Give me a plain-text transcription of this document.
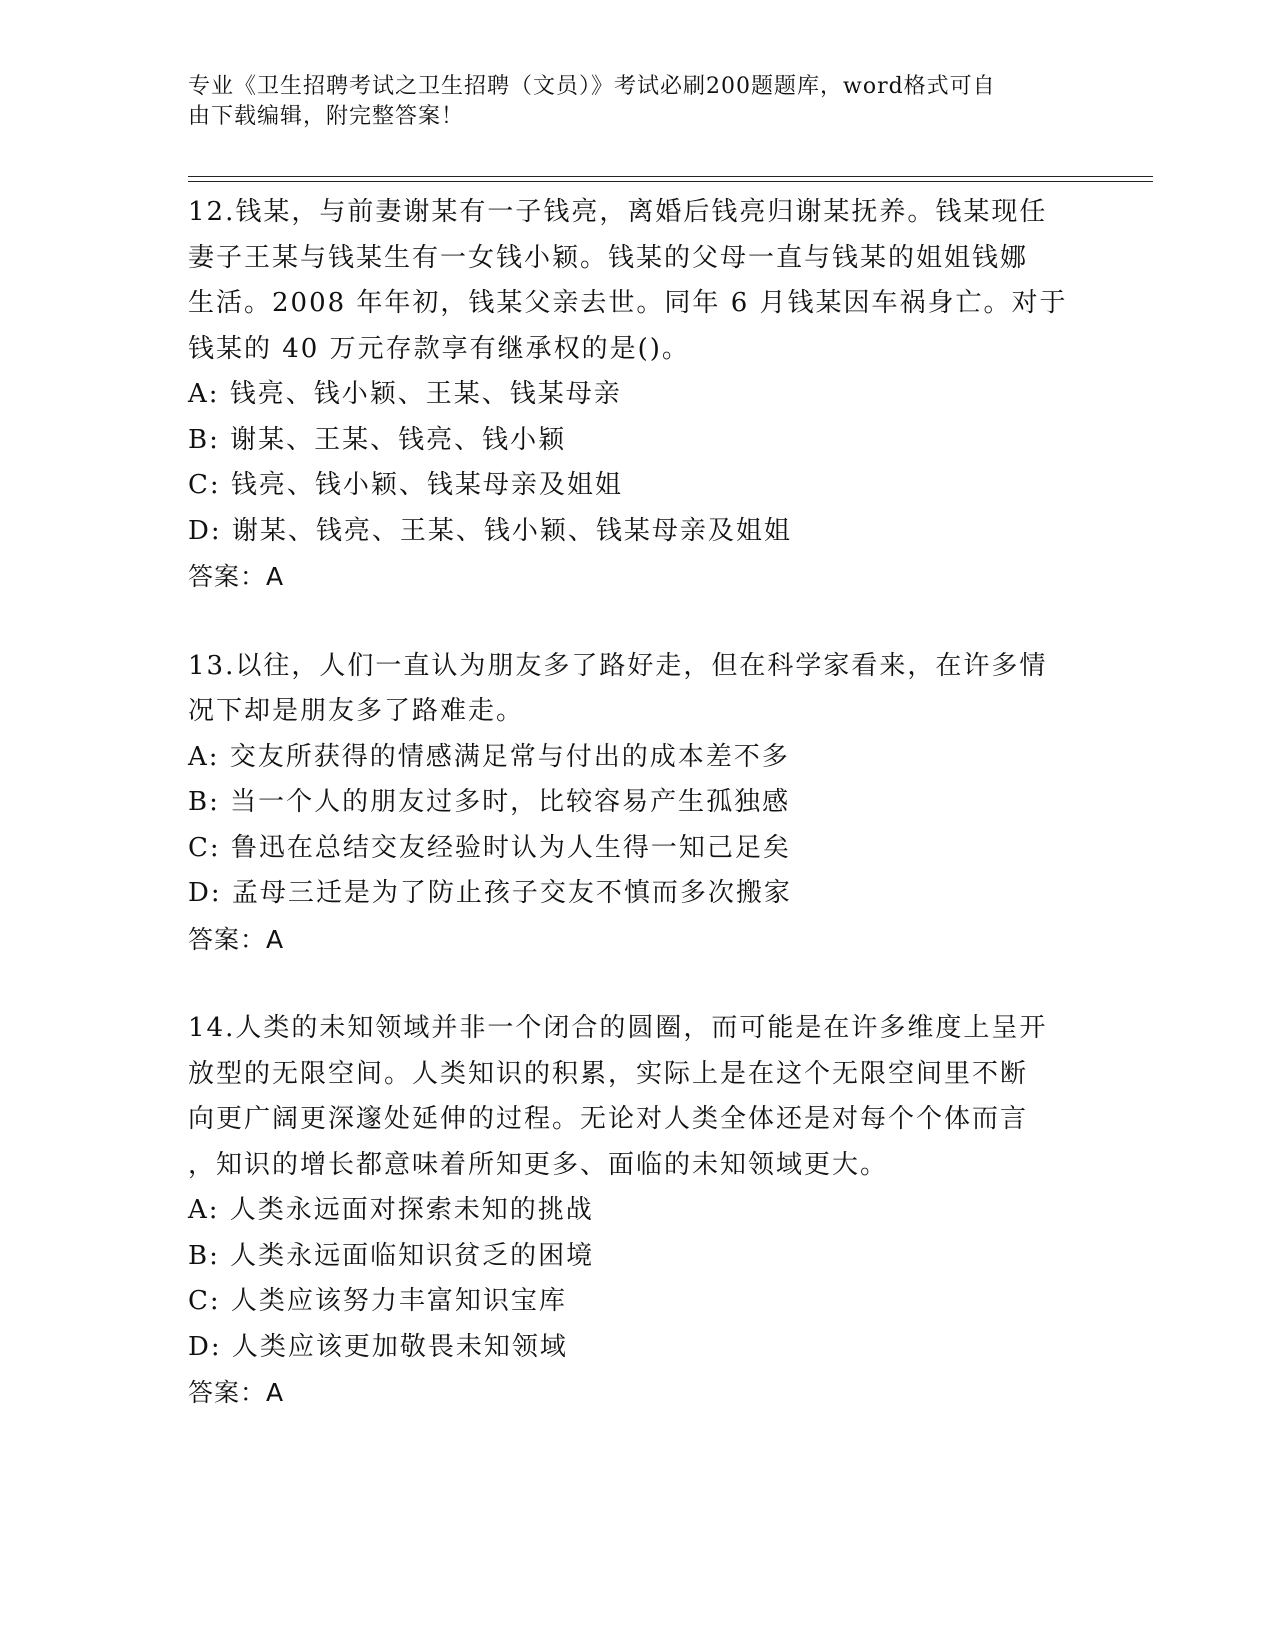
专业《卫生招聘考试之卫生招聘（文员）》考试必刷200题题库，word格式可自
由下载编辑，附完整答案！
12.钱某，与前妻谢某有一子钱亮，离婚后钱亮归谢某抚养。钱某现任
妻子王某与钱某生有一女钱小颖。钱某的父母一直与钱某的姐姐钱娜
生活。2008 年年初，钱某父亲去世。同年 6 月钱某因车祸身亡。对于
钱某的 40 万元存款享有继承权的是()。
A: 钱亮、钱小颖、王某、钱某母亲
B: 谢某、王某、钱亮、钱小颖
C: 钱亮、钱小颖、钱某母亲及姐姐
D: 谢某、钱亮、王某、钱小颖、钱某母亲及姐姐
答案：A
13.以往，人们一直认为朋友多了路好走，但在科学家看来，在许多情
况下却是朋友多了路难走。
A: 交友所获得的情感满足常与付出的成本差不多
B: 当一个人的朋友过多时，比较容易产生孤独感
C: 鲁迅在总结交友经验时认为人生得一知己足矣
D: 孟母三迁是为了防止孩子交友不慎而多次搬家
答案：A
14.人类的未知领域并非一个闭合的圆圈，而可能是在许多维度上呈开
放型的无限空间。人类知识的积累，实际上是在这个无限空间里不断
向更广阔更深邃处延伸的过程。无论对人类全体还是对每个个体而言
，知识的增长都意味着所知更多、面临的未知领域更大。
A: 人类永远面对探索未知的挑战
B: 人类永远面临知识贫乏的困境
C: 人类应该努力丰富知识宝库
D: 人类应该更加敬畏未知领域
答案：A
